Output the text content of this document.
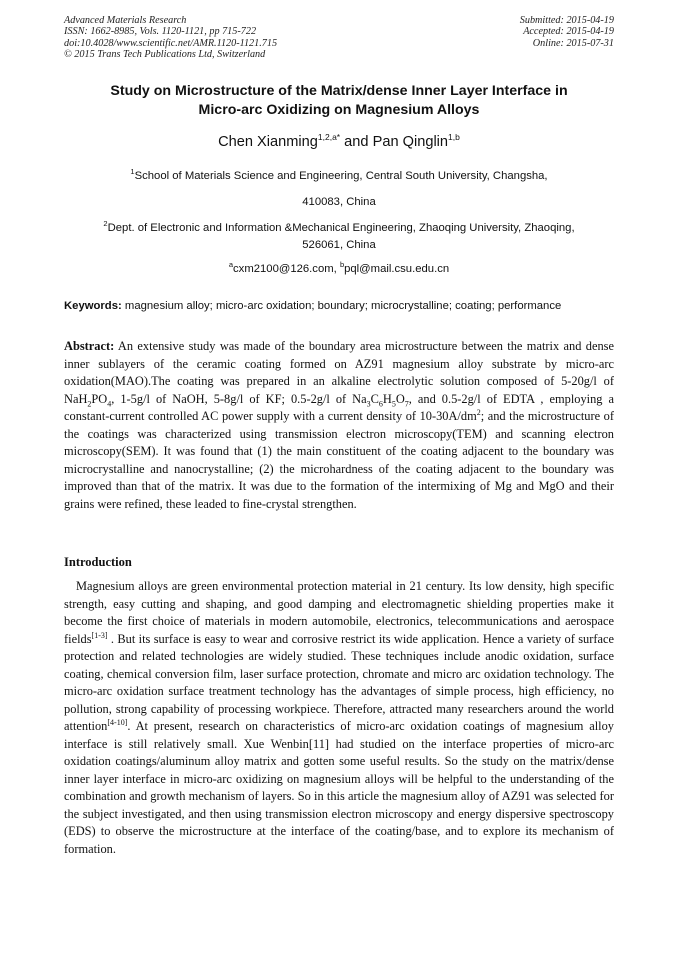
Advanced Materials Research
ISSN: 1662-8985, Vols. 1120-1121, pp 715-722
doi:10.4028/www.scientific.net/AMR.1120-1121.715
© 2015 Trans Tech Publications Ltd, Switzerland
Submitted: 2015-04-19
Accepted: 2015-04-19
Online: 2015-07-31
Study on Microstructure of the Matrix/dense Inner Layer Interface in
Micro-arc Oxidizing on Magnesium Alloys
Chen Xianming$^{1,2,a*}$ and Pan Qinglin$^{1,b}$
$^1$School of Materials Science and Engineering, Central South University, Changsha,
410083, China
$^2$Dept. of Electronic and Information &Mechanical Engineering, Zhaoqing University, Zhaoqing,
526061, China
$^a$cxm2100@126.com, $^b$pql@mail.csu.edu.cn
Keywords: magnesium alloy; micro-arc oxidation; boundary; microcrystalline; coating; performance
Abstract: An extensive study was made of the boundary area microstructure between the matrix and dense inner sublayers of the ceramic coating formed on AZ91 magnesium alloy substrate by micro-arc oxidation(MAO).The coating was prepared in an alkaline electrolytic solution composed of 5-20g/l of $NaH_2PO_4$, 1-5g/l of NaOH, 5-8g/l of KF; 0.5-2g/l of $Na_3C_6H_5O_7$, and 0.5-2g/l of EDTA , employing a constant-current controlled AC power supply with a current density of $10-30A/dm^2$; and the microstructure of the coatings was characterized using transmission electron microscopy(TEM) and scanning electron microscopy(SEM). It was found that (1) the main constituent of the coating adjacent to the boundary was microcrystalline and nanocrystalline; (2) the microhardness of the coating adjacent to the boundary was improved than that of the matrix. It was due to the formation of the intermixing of Mg and MgO and their grains were refined, these leaded to fine-crystal strengthen.
Introduction
Magnesium alloys are green environmental protection material in 21 century. Its low density, high specific strength, easy cutting and shaping, and good damping and electromagnetic shielding properties make it become the first choice of materials in modern automobile, electronics, telecommunications and aerospace fields[1-3] . But its surface is easy to wear and corrosive restrict its wide application. Hence a variety of surface protection and related technologies are widely studied. These techniques include anodic oxidation, surface coating, chemical conversion film, laser surface protection, chromate and micro arc oxidation technology. The micro-arc oxidation surface treatment technology has the advantages of simple process, high efficiency, no pollution, strong capability of processing workpiece. Therefore, attracted many researchers around the world attention[4-10]. At present, research on characteristics of micro-arc oxidation coatings of magnesium alloy interface is still relatively small. Xue Wenbin[11] had studied on the interface properties of micro-arc oxidation coatings/aluminum alloy matrix and gotten some useful results. So the study on the matrix/dense inner layer interface in micro-arc oxidizing on magnesium alloys will be helpful to the understanding of the combination and growth mechanism of layers. So in this article the magnesium alloy of AZ91 was selected for the subject investigated, and then using transmission electron microscopy and energy dispersive spectroscopy (EDS) to observe the microstructure at the interface of the coating/base, and to explore its mechanism of formation.
